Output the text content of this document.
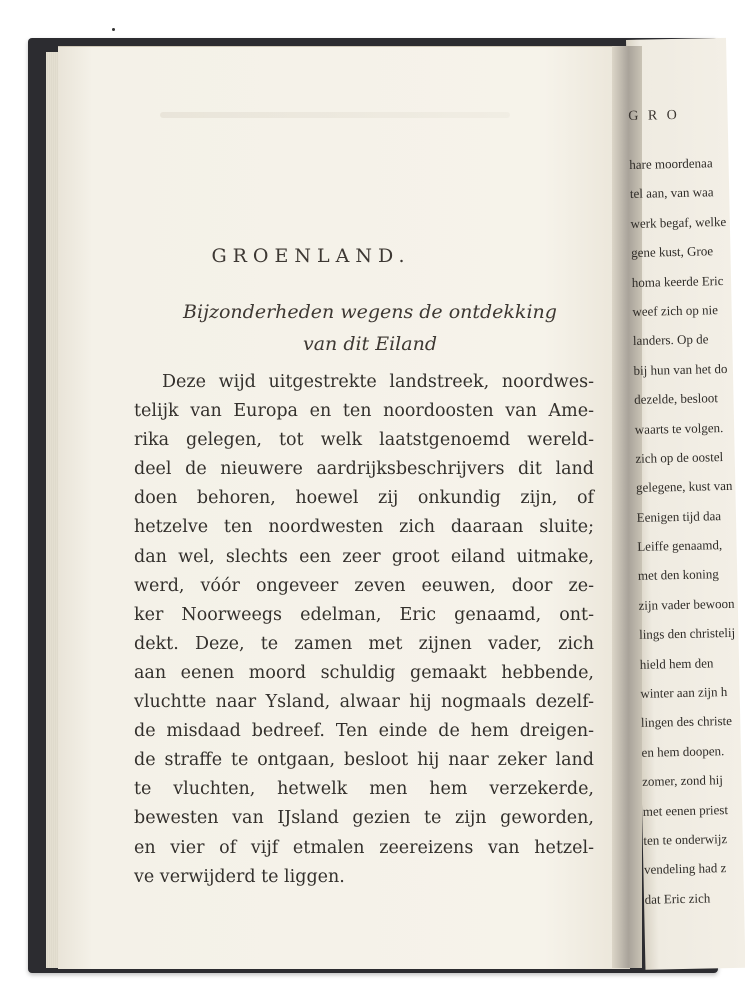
GROENLAND.
Bijzonderheden wegens de ontdekking
van dit Eiland
Deze wijd uitgestrekte landstreek, noordwes-
telijk van Europa en ten noordoosten van Ame-
rika gelegen, tot welk laatstgenoemd wereld-
deel de nieuwere aardrijksbeschrijvers dit land
doen behoren, hoewel zij onkundig zijn, of
hetzelve ten noordwesten zich daaraan sluite;
dan wel, slechts een zeer groot eiland uitmake,
werd, vóór ongeveer zeven eeuwen, door ze-
ker Noorweegs edelman, Eric genaamd, ont-
dekt. Deze, te zamen met zijnen vader, zich
aan eenen moord schuldig gemaakt hebbende,
vluchtte naar Ysland, alwaar hij nogmaals dezelf-
de misdaad bedreef. Ten einde de hem dreigen-
de straffe te ontgaan, besloot hij naar zeker land
te vluchten, hetwelk men hem verzekerde,
bewesten van IJsland gezien te zijn geworden,
en vier of vijf etmalen zeereizens van hetzel-
ve verwijderd te liggen.
G R O
hare moordenaa
tel aan, van waa
werk begaf, welke
gene kust, Groe
homa keerde Eric
weef zich op nie
landers. Op de
bij hun van het do
dezelde, besloot
waarts te volgen.
zich op de oostel
gelegene, kust van
Eenigen tijd daa
Leiffe genaamd,
met den koning
zijn vader bewoon
lings den christelij
hield hem den
winter aan zijn h
lingen des christe
en hem doopen.
zomer, zond hij
met eenen priest
ten te onderwijz
vendeling had z
dat Eric zich
